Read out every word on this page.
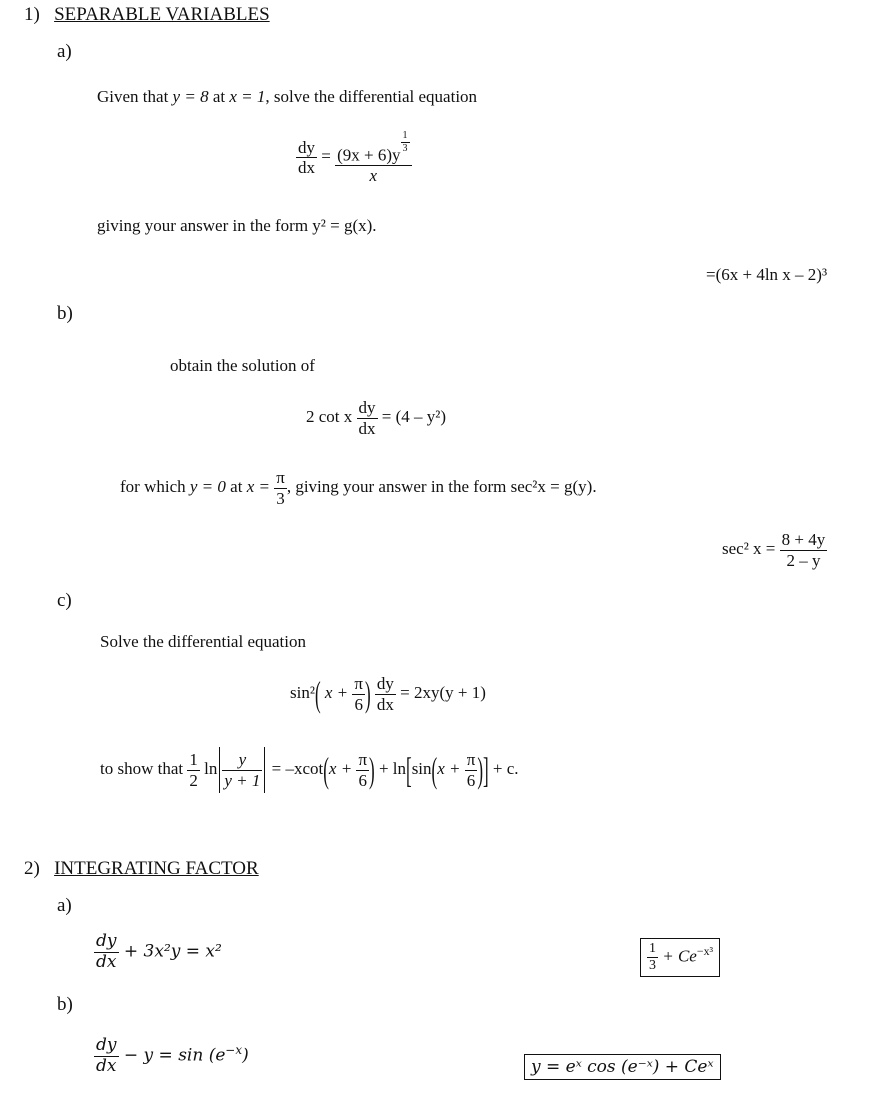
1) SEPARABLE VARIABLES
a)
Given that y = 8 at x = 1, solve the differential equation
$\frac{dy}{dx} = (9x + 6)y$
$\frac{1}{3}$
x
giving your answer in the form y² = g(x).
=(6x + 4ln x – 2)³
b)
obtain the solution of
2 cot x $\frac{dy}{dx} = (4 - y^2)$
for which y = 0 at $x = \frac{\pi}{3}$ , giving your answer in the form sec²x = g(y).
sec² $x = \frac{8 + 4y}{2 - y}$
c)
Solve the differential equation
sin²( $x + \frac{\pi}{6}$ ) $\frac{dy}{dx} = 2xy(y + 1)$
to show that $\frac{1}{2}$ $\ln \frac{y}{y + 1} = -xcot(x + \frac{\pi}{6}$ ) + $\ln[\sin(x + \frac{\pi}{6}$ )] + c.
2) INTEGRATING FACTOR
a)
$\frac{dy}{dx} + 3x^2y = x^2$	$\frac{1}{3} + Ce^{-x^3}$
b)
$\frac{dy}{dx} - y = \sin (e^{-x})$
y = eˣ cos (e⁻ˣ) + Ceˣ
